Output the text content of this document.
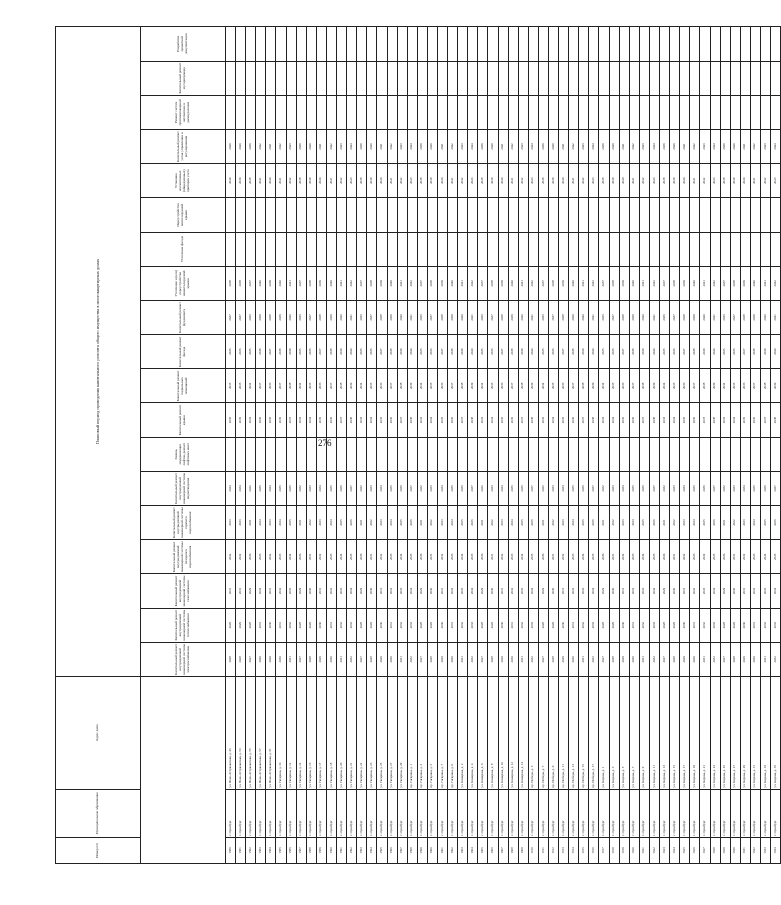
276
Номер п/п	Муниципальное образование	Адрес дома	Плановый период проведения капитального ремонта общего имущества в многоквартирных домах																		
			Капитальный ремонт внутридомовой инженерной системы электроснабжения	Капитальный ремонт внутридомовой инженерной системы теплоснабжения	Капитальный ремонт внутридомовой инженерной системы газоснабжения	Капитальный ремонт внутридомовой инженерной системы холодного водоснабжения	Капитальный ремонт внутридомовой инженерной системы горячего водоснабжения	Капитальный ремонт внутридомовой инженерной системы водоотведения	Замена, модернизация лифтов, ремонт лифтовых шахт	Капитальный ремонт крыши	Капитальный ремонт подвальных помещений	Капитальный ремонт фасада	Капитальный ремонт фундамента	Утепление и (или) переустройство невентилируемой крыши	Утепление фасада	Переустройство вентилируемой крыши	Установка коллективных (общедомовых) приборов учета	Капитальный ремонт узлов управления и регулирования	Ремонт систем противопожарной автоматики и дымоудаления	Капитальный ремонт мусоропровода	Разработка проектной документации
1580	г. Оренбург	ул. Ново-Астраханская, д. 45	2028	2029	2031	2032	2033	2034		2035	2035	2036	2037	2038			2039	2040			
1581	г. Оренбург	ул. Ново-Астраханская, д. 53	2028	2029	2031	2032	2033	2034		2035	2035	2036	2037	2038			2039	2040			
1582	г. Оренбург	ул. Ново-Астраханская, д. 55	2027	2028	2029	2030	2031	2032		2033	2034	2035	2036	2037			2038	2039			
1583	г. Оренбург	ул. Ново-Астраханская, д. 57	2030	2031	2032	2033	2034	2035		2036	2037	2038	2039	2040			2041	2042			
1584	г. Оренбург	ул. Ново-Астраханская, д. 61	2029	2030	2031	2032	2033	2034		2035	2036	2037	2038	2039			2040	2041			
1585	г. Оренбург	ул. Гагарина, д. 10	2030	2031	2032	2033	2034	2035		2036	2037	2038	2039	2040			2041	2042			
1586	г. Оренбург	ул. Гагарина, д. 12	2031	2032	2033	2034	2035	2036		2037	2038	2039	2040	2041			2042	2043			
1587	г. Оренбург	ул. Гагарина, д. 14	2027	2028	2029	2030	2031	2032		2033	2034	2035	2036	2037			2038	2039			
1588	г. Оренбург	ул. Гагарина, д. 16	2028	2029	2030	2031	2032	2033		2034	2035	2036	2037	2038			2039	2040			
1589	г. Оренбург	ул. Гагарина, д. 17	2029	2030	2031	2032	2033	2034		2035	2036	2037	2038	2039			2040	2041			
1590	г. Оренбург	ул. Гагарина, д. 18	2030	2031	2032	2033	2034	2035		2036	2037	2038	2039	2040			2041	2042			
1591	г. Оренбург	ул. Гагарина, д. 20	2031	2032	2033	2034	2035	2036		2037	2038	2039	2040	2041			2042	2043			
1592	г. Оренбург	ул. Гагарина, д. 21	2032	2033	2034	2035	2036	2037		2038	2039	2040	2041	2042			2043	2044			
1593	г. Оренбург	ул. Гагарина, д. 22	2027	2028	2029	2030	2031	2032		2033	2034	2035	2036	2037			2038	2039			
1594	г. Оренбург	ул. Гагарина, д. 23	2028	2029	2030	2031	2032	2033		2034	2035	2036	2037	2038			2039	2040			
1595	г. Оренбург	ул. Гагарина, д. 25	2029	2030	2031	2032	2033	2034		2035	2036	2037	2038	2039			2040	2041			
1596	г. Оренбург	ул. Гагарина, д. 27	2030	2031	2032	2033	2034	2035		2036	2037	2038	2039	2040			2041	2042			
1597	г. Оренбург	ул. Гагарина, д. 29	2031	2032	2033	2034	2035	2036		2037	2038	2039	2040	2041			2042	2043			
1598	г. Оренбург	пр. Гагарина, д. 1	2032	2033	2034	2035	2036	2037		2038	2039	2040	2041	2042			2043	2044			
1599	г. Оренбург	пр. Гагарина, д. 3	2027	2028	2029	2030	2031	2032		2033	2034	2035	2036	2037			2038	2039			
1600	г. Оренбург	пр. Гагарина, д. 5	2028	2029	2030	2031	2032	2033		2034	2035	2036	2037	2038			2039	2040			
1601	г. Оренбург	пр. Гагарина, д. 7	2029	2030	2031	2032	2033	2034		2035	2036	2037	2038	2039			2040	2041			
1602	г. Оренбург	пр. Гагарина, д. 9	2030	2031	2032	2033	2034	2035		2036	2037	2038	2039	2040			2041	2042			
1603	г. Оренбург	ул. Комарова, д. 2	2031	2032	2033	2034	2035	2036		2037	2038	2039	2040	2041			2042	2043			
1604	г. Оренбург	ул. Комарова, д. 4	2032	2033	2034	2035	2036	2037		2038	2039	2040	2041	2042			2043	2044			
1605	г. Оренбург	ул. Комарова, д. 6	2027	2028	2029	2030	2031	2032		2033	2034	2035	2036	2037			2038	2039			
1606	г. Оренбург	ул. Комарова, д. 8	2028	2029	2030	2031	2032	2033		2034	2035	2036	2037	2038			2039	2040			
1607	г. Оренбург	ул. Комарова, д. 10	2029	2030	2031	2032	2033	2034		2035	2036	2037	2038	2039			2040	2041			
1608	г. Оренбург	ул. Комарова, д. 12	2030	2031	2032	2033	2034	2035		2036	2037	2038	2039	2040			2041	2042			
1609	г. Оренбург	ул. Комарова, д. 14	2031	2032	2033	2034	2035	2036		2037	2038	2039	2040	2041			2042	2043			
1610	г. Оренбург	пр. Победы, д. 5	2032	2033	2034	2035	2036	2037		2038	2039	2040	2041	2042			2043	2044			
1611	г. Оренбург	пр. Победы, д. 7	2027	2028	2029	2030	2031	2032		2033	2034	2035	2036	2037			2038	2039			
1612	г. Оренбург	пр. Победы, д. 9	2028	2029	2030	2031	2032	2033		2034	2035	2036	2037	2038			2039	2040			
1613	г. Оренбург	пр. Победы, д. 11	2029	2030	2031	2032	2033	2034		2035	2036	2037	2038	2039			2040	2041			
1614	г. Оренбург	пр. Победы, д. 13	2030	2031	2032	2033	2034	2035		2036	2037	2038	2039	2040			2041	2042			
1615	г. Оренбург	пр. Победы, д. 15	2031	2032	2033	2034	2035	2036		2037	2038	2039	2040	2041			2042	2043			
1616	г. Оренбург	пр. Победы, д. 17	2032	2033	2034	2035	2036	2037		2038	2039	2040	2041	2042			2043	2044			
1617	г. Оренбург	ул. Кирова, д. 1	2027	2028	2029	2030	2031	2032		2033	2034	2035	2036	2037			2038	2039			
1618	г. Оренбург	ул. Кирова, д. 3	2028	2029	2030	2031	2032	2033		2034	2035	2036	2037	2038			2039	2040			
1619	г. Оренбург	ул. Кирова, д. 5	2029	2030	2031	2032	2033	2034		2035	2036	2037	2038	2039			2040	2041			
1620	г. Оренбург	ул. Кирова, д. 7	2030	2031	2032	2033	2034	2035		2036	2037	2038	2039	2040			2041	2042			
1621	г. Оренбург	ул. Кирова, д. 9	2031	2032	2033	2034	2035	2036		2037	2038	2039	2040	2041			2042	2043			
1622	г. Оренбург	ул. Кирова, д. 11	2032	2033	2034	2035	2036	2037		2038	2039	2040	2041	2042			2043	2044			
1623	г. Оренбург	ул. Кирова, д. 13	2027	2028	2029	2030	2031	2032		2033	2034	2035	2036	2037			2038	2039			
1624	г. Оренбург	ул. Кирова, д. 15	2028	2029	2030	2031	2032	2033		2034	2035	2036	2037	2038			2039	2040			
1625	г. Оренбург	ул. Кирова, д. 17	2029	2030	2031	2032	2033	2034		2035	2036	2037	2038	2039			2040	2041			
1626	г. Оренбург	ул. Кирова, д. 19	2030	2031	2032	2033	2034	2035		2036	2037	2038	2039	2040			2041	2042			
1627	г. Оренбург	ул. Кирова, д. 21	2031	2032	2033	2034	2035	2036		2037	2038	2039	2040	2041			2042	2043			
1628	г. Оренбург	ул. Кирова, д. 23	2032	2033	2034	2035	2036	2037		2038	2039	2040	2041	2042			2043	2044			
1629	г. Оренбург	ул. Кирова, д. 25	2027	2028	2029	2030	2031	2032		2033	2034	2035	2036	2037			2038	2039			
1630	г. Оренбург	ул. Кирова, д. 27	2028	2029	2030	2031	2032	2033		2034	2035	2036	2037	2038			2039	2040			
1631	г. Оренбург	ул. Кирова, д. 29	2029	2030	2031	2032	2033	2034		2035	2036	2037	2038	2039			2040	2041			
1632	г. Оренбург	ул. Кирова, д. 31	2030	2031	2032	2033	2034	2035		2036	2037	2038	2039	2040			2041	2042			
1633	г. Оренбург	ул. Кирова, д. 33	2031	2032	2033	2034	2035	2036		2037	2038	2039	2040	2041			2042	2043			
1634	г. Оренбург	ул. Кирова, д. 35	2032	2033	2034	2035	2036	2037		2038	2039	2040	2041	2042			2043	2044			
